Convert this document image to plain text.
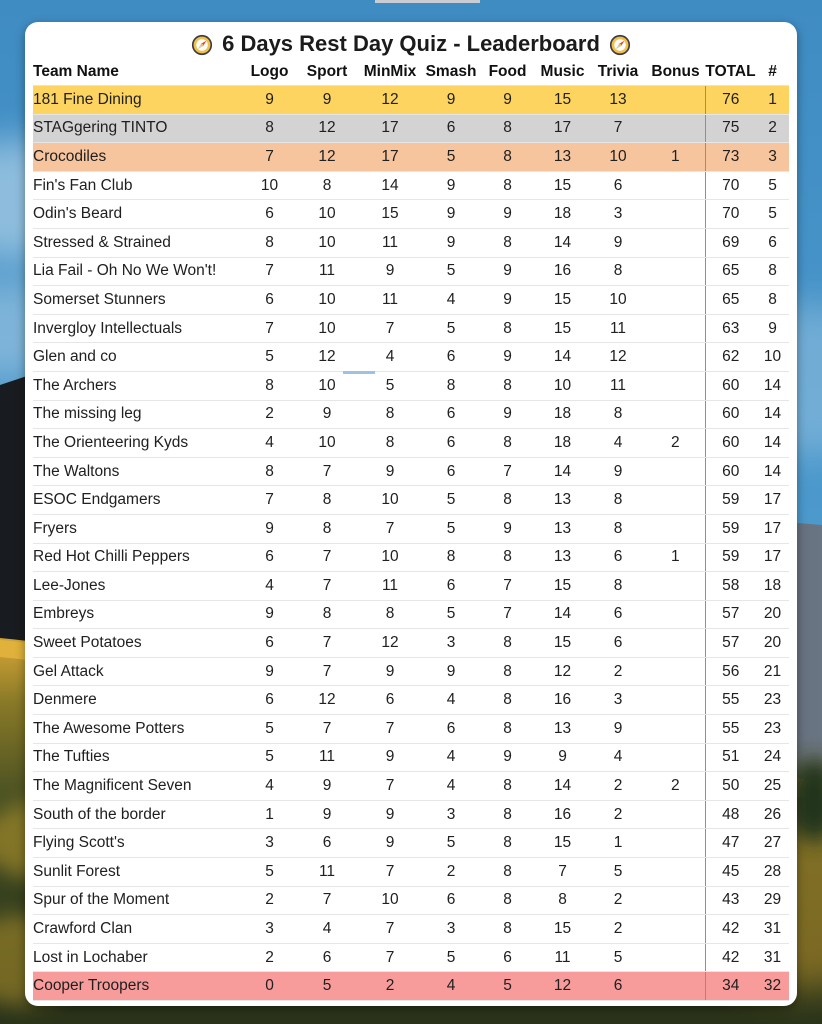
6 Days Rest Day Quiz - Leaderboard
Team Name	Logo	Sport	MinMix	Smash	Food	Music	Trivia	Bonus	TOTAL	#
181 Fine Dining	9	9	12	9	9	15	13		76	1
STAGgering TINTO	8	12	17	6	8	17	7		75	2
Crocodiles	7	12	17	5	8	13	10	1	73	3
Fin's Fan Club	10	8	14	9	8	15	6		70	5
Odin's Beard	6	10	15	9	9	18	3		70	5
Stressed & Strained	8	10	11	9	8	14	9		69	6
Lia Fail - Oh No We Won't!	7	11	9	5	9	16	8		65	8
Somerset Stunners	6	10	11	4	9	15	10		65	8
Invergloy Intellectuals	7	10	7	5	8	15	11		63	9
Glen and co	5	12	4	6	9	14	12		62	10
The Archers	8	10	5	8	8	10	11		60	14
The missing leg	2	9	8	6	9	18	8		60	14
The Orienteering Kyds	4	10	8	6	8	18	4	2	60	14
The Waltons	8	7	9	6	7	14	9		60	14
ESOC Endgamers	7	8	10	5	8	13	8		59	17
Fryers	9	8	7	5	9	13	8		59	17
Red Hot Chilli Peppers	6	7	10	8	8	13	6	1	59	17
Lee-Jones	4	7	11	6	7	15	8		58	18
Embreys	9	8	8	5	7	14	6		57	20
Sweet Potatoes	6	7	12	3	8	15	6		57	20
Gel Attack	9	7	9	9	8	12	2		56	21
Denmere	6	12	6	4	8	16	3		55	23
The Awesome Potters	5	7	7	6	8	13	9		55	23
The Tufties	5	11	9	4	9	9	4		51	24
The Magnificent Seven	4	9	7	4	8	14	2	2	50	25
South of the border	1	9	9	3	8	16	2		48	26
Flying Scott's	3	6	9	5	8	15	1		47	27
Sunlit Forest	5	11	7	2	8	7	5		45	28
Spur of the Moment	2	7	10	6	8	8	2		43	29
Crawford Clan	3	4	7	3	8	15	2		42	31
Lost in Lochaber	2	6	7	5	6	11	5		42	31
Cooper Troopers	0	5	2	4	5	12	6		34	32
